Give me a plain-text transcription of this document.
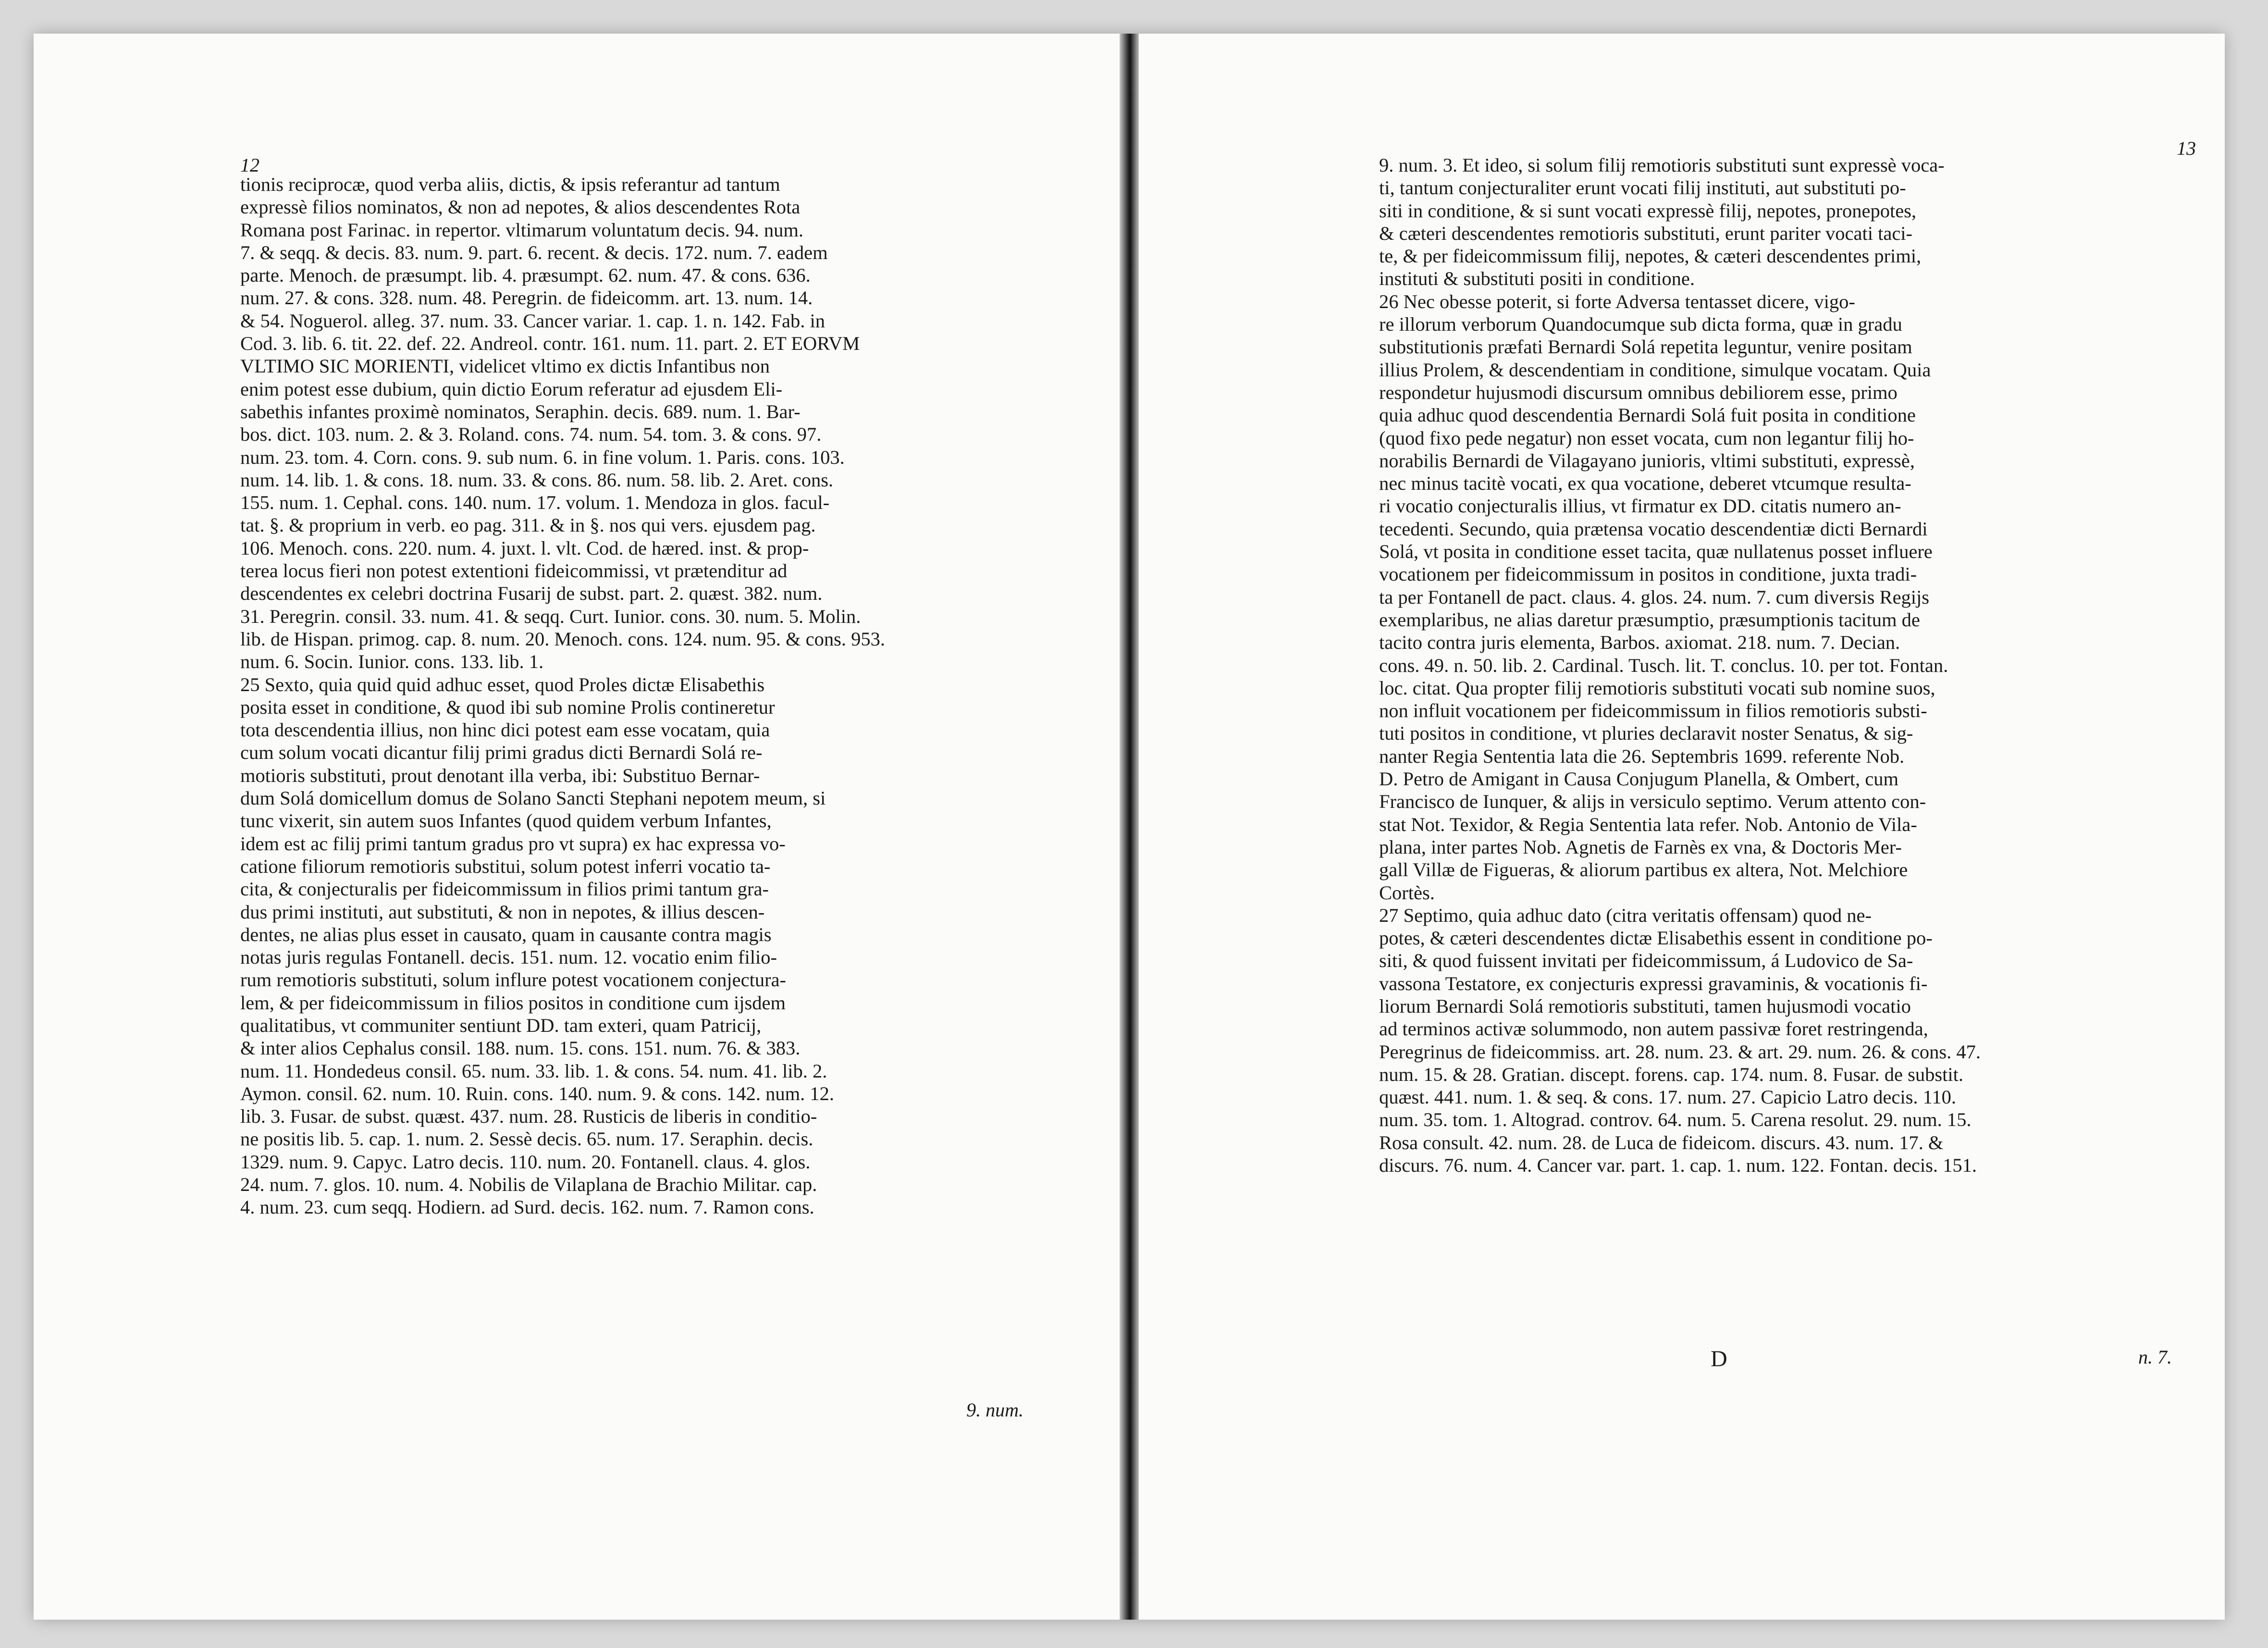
12
tionis reciprocæ, quod verba aliis, dictis, & ipsis referantur ad tantum
expressè filios nominatos, & non ad nepotes, & alios descendentes Rota
Romana post Farinac. in repertor. vltimarum voluntatum decis. 94. num.
7. & seqq. & decis. 83. num. 9. part. 6. recent. & decis. 172. num. 7. eadem
parte. Menoch. de præsumpt. lib. 4. præsumpt. 62. num. 47. & cons. 636.
num. 27. & cons. 328. num. 48. Peregrin. de fideicomm. art. 13. num. 14.
& 54. Noguerol. alleg. 37. num. 33. Cancer variar. 1. cap. 1. n. 142. Fab. in
Cod. 3. lib. 6. tit. 22. def. 22. Andreol. contr. 161. num. 11. part. 2. ET EORVM
VLTIMO SIC MORIENTI, videlicet vltimo ex dictis Infantibus non
enim potest esse dubium, quin dictio Eorum referatur ad ejusdem Eli-
sabethis infantes proximè nominatos, Seraphin. decis. 689. num. 1. Bar-
bos. dict. 103. num. 2. & 3. Roland. cons. 74. num. 54. tom. 3. & cons. 97.
num. 23. tom. 4. Corn. cons. 9. sub num. 6. in fine volum. 1. Paris. cons. 103.
num. 14. lib. 1. & cons. 18. num. 33. & cons. 86. num. 58. lib. 2. Aret. cons.
155. num. 1. Cephal. cons. 140. num. 17. volum. 1. Mendoza in glos. facul-
tat. §. & proprium in verb. eo pag. 311. & in §. nos qui vers. ejusdem pag.
106. Menoch. cons. 220. num. 4. juxt. l. vlt. Cod. de hæred. inst. & prop-
terea locus fieri non potest extentioni fideicommissi, vt prætenditur ad
descendentes ex celebri doctrina Fusarij de subst. part. 2. quæst. 382. num.
31. Peregrin. consil. 33. num. 41. & seqq. Curt. Iunior. cons. 30. num. 5. Molin.
lib. de Hispan. primog. cap. 8. num. 20. Menoch. cons. 124. num. 95. & cons. 953.
num. 6. Socin. Iunior. cons. 133. lib. 1.
25 Sexto, quia quid quid adhuc esset, quod Proles dictæ Elisabethis
posita esset in conditione, & quod ibi sub nomine Prolis contineretur
tota descendentia illius, non hinc dici potest eam esse vocatam, quia
cum solum vocati dicantur filij primi gradus dicti Bernardi Solá re-
motioris substituti, prout denotant illa verba, ibi: Substituo Bernar-
dum Solá domicellum domus de Solano Sancti Stephani nepotem meum, si
tunc vixerit, sin autem suos Infantes (quod quidem verbum Infantes,
idem est ac filij primi tantum gradus pro vt supra) ex hac expressa vo-
catione filiorum remotioris substitui, solum potest inferri vocatio ta-
cita, & conjecturalis per fideicommissum in filios primi tantum gra-
dus primi instituti, aut substituti, & non in nepotes, & illius descen-
dentes, ne alias plus esset in causato, quam in causante contra magis
notas juris regulas Fontanell. decis. 151. num. 12. vocatio enim filio-
rum remotioris substituti, solum influre potest vocationem conjectura-
lem, & per fideicommissum in filios positos in conditione cum ijsdem
qualitatibus, vt communiter sentiunt DD. tam exteri, quam Patricij,
& inter alios Cephalus consil. 188. num. 15. cons. 151. num. 76. & 383.
num. 11. Hondedeus consil. 65. num. 33. lib. 1. & cons. 54. num. 41. lib. 2.
Aymon. consil. 62. num. 10. Ruin. cons. 140. num. 9. & cons. 142. num. 12.
lib. 3. Fusar. de subst. quæst. 437. num. 28. Rusticis de liberis in conditio-
ne positis lib. 5. cap. 1. num. 2. Sessè decis. 65. num. 17. Seraphin. decis.
1329. num. 9. Capyc. Latro decis. 110. num. 20. Fontanell. claus. 4. glos.
24. num. 7. glos. 10. num. 4. Nobilis de Vilaplana de Brachio Militar. cap.
4. num. 23. cum seqq. Hodiern. ad Surd. decis. 162. num. 7. Ramon cons.
9. num.
13
9. num. 3. Et ideo, si solum filij remotioris substituti sunt expressè voca-
ti, tantum conjecturaliter erunt vocati filij instituti, aut substituti po-
siti in conditione, & si sunt vocati expressè filij, nepotes, pronepotes,
& cæteri descendentes remotioris substituti, erunt pariter vocati taci-
te, & per fideicommissum filij, nepotes, & cæteri descendentes primi,
instituti & substituti positi in conditione.
26 Nec obesse poterit, si forte Adversa tentasset dicere, vigo-
re illorum verborum Quandocumque sub dicta forma, quæ in gradu
substitutionis præfati Bernardi Solá repetita leguntur, venire positam
illius Prolem, & descendentiam in conditione, simulque vocatam. Quia
respondetur hujusmodi discursum omnibus debiliorem esse, primo
quia adhuc quod descendentia Bernardi Solá fuit posita in conditione
(quod fixo pede negatur) non esset vocata, cum non legantur filij ho-
norabilis Bernardi de Vilagayano junioris, vltimi substituti, expressè,
nec minus tacitè vocati, ex qua vocatione, deberet vtcumque resulta-
ri vocatio conjecturalis illius, vt firmatur ex DD. citatis numero an-
tecedenti. Secundo, quia prætensa vocatio descendentiæ dicti Bernardi
Solá, vt posita in conditione esset tacita, quæ nullatenus posset influere
vocationem per fideicommissum in positos in conditione, juxta tradi-
ta per Fontanell de pact. claus. 4. glos. 24. num. 7. cum diversis Regijs
exemplaribus, ne alias daretur præsumptio, præsumptionis tacitum de
tacito contra juris elementa, Barbos. axiomat. 218. num. 7. Decian.
cons. 49. n. 50. lib. 2. Cardinal. Tusch. lit. T. conclus. 10. per tot. Fontan.
loc. citat. Qua propter filij remotioris substituti vocati sub nomine suos,
non influit vocationem per fideicommissum in filios remotioris substi-
tuti positos in conditione, vt pluries declaravit noster Senatus, & sig-
nanter Regia Sententia lata die 26. Septembris 1699. referente Nob.
D. Petro de Amigant in Causa Conjugum Planella, & Ombert, cum
Francisco de Iunquer, & alijs in versiculo septimo. Verum attento con-
stat Not. Texidor, & Regia Sententia lata refer. Nob. Antonio de Vila-
plana, inter partes Nob. Agnetis de Farnès ex vna, & Doctoris Mer-
gall Villæ de Figueras, & aliorum partibus ex altera, Not. Melchiore
Cortès.
27 Septimo, quia adhuc dato (citra veritatis offensam) quod ne-
potes, & cæteri descendentes dictæ Elisabethis essent in conditione po-
siti, & quod fuissent invitati per fideicommissum, á Ludovico de Sa-
vassona Testatore, ex conjecturis expressi gravaminis, & vocationis fi-
liorum Bernardi Solá remotioris substituti, tamen hujusmodi vocatio
ad terminos activæ solummodo, non autem passivæ foret restringenda,
Peregrinus de fideicommiss. art. 28. num. 23. & art. 29. num. 26. & cons. 47.
num. 15. & 28. Gratian. discept. forens. cap. 174. num. 8. Fusar. de substit.
quæst. 441. num. 1. & seq. & cons. 17. num. 27. Capicio Latro decis. 110.
num. 35. tom. 1. Altograd. controv. 64. num. 5. Carena resolut. 29. num. 15.
Rosa consult. 42. num. 28. de Luca de fideicom. discurs. 43. num. 17. &
discurs. 76. num. 4. Cancer var. part. 1. cap. 1. num. 122. Fontan. decis. 151.
D	n. 7.
